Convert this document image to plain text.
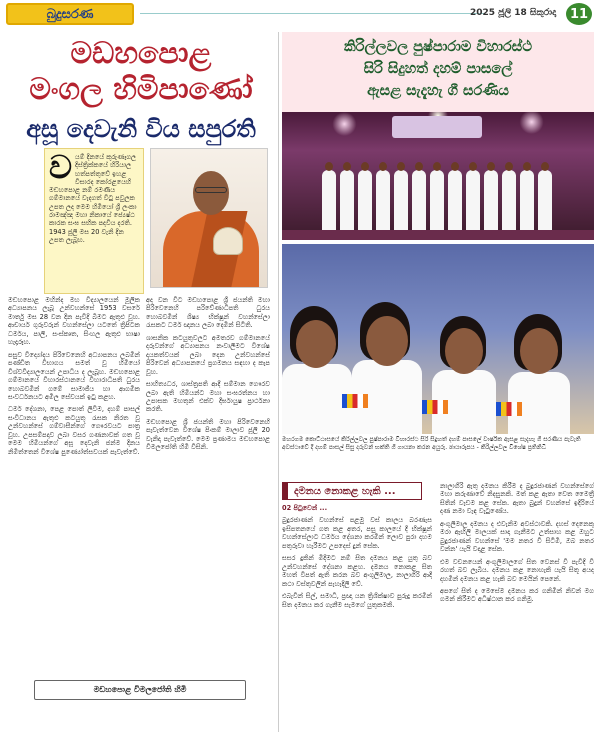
බුදුසරණ	2025 ජූලි 18 සිකුරාදා	11
මඩහපොළ
මංගල හිමිපාණෝ
අසූ දෙවැනි විය සපුරති
ව යම් දිනයේ කුරුණෑගල දිස්ත්‍රික්කයේ හිරියාල හත්පත්තුවේ ඉහළ විසාරද කෝරළයෙහි මඩහපොළ නම් රමණීය ගම්මානයේ වැදගත් විටු පවුලක උපත ලද මෙම හිමියෝ ශ්‍රී ලංකා රාමඤ්ඤ මහා නිකායේ ජ්‍යෙෂ්ඨ කාරක සංඝ සභික පදවිය දරති. 1943 ජූලි මස 20 වැනි දින උපත ලැබූහ.

මඩහපොළ මහින්ද මහ විද්‍යාලයෙන් මූලික අධ්‍යාපනය ලැබූ උන්වහන්සේ 1953 වසරේ මාර්තු මස 28 වන දින පැවිදි බිමට ඇතුළු වූහ. ආචාර්ය ගුරුවරුන් වහන්සේලා යටතේ ත්‍රිපිටක ධර්මය, පාලි, සංස්කෘත, සිංහල ඇතුළු භාෂා හැදෑරූහ.

පසුව විද්‍යෝදය පිරිවෙනෙහි අධ්‍යාපනය ලබමින් පණ්ඩිත විභාගය සමත් වූ හිමියෝ විශ්වවිද්‍යාලයෙන් උපාධිය ද ලැබූහ. මඩහපොළ ගම්මානයේ විහාරස්ථානයේ විහාරාධිපති ධුරය හොබවමින් ගමේ සාමාජීය හා ආගමික සංවර්ධනයට අමිල සේවයක් ඉටු කළහ.

ධර්ම දේශනා, පෙළ පොත් ලිවීම, දහම් පාසල් සංවිධානය ඇතුළු කටයුතු රැසක නිරත වූ උන්වහන්සේ ගම්වාසීන්ගේ ගෞරවයට පාත්‍ර වූහ. උපසම්පදාව ලබා වසර ගණනාවක් ගත වූ මෙම හිමියන්ගේ අසූ දෙවැනි ජන්ම දිනය නිමිත්තෙන් විශේෂ පුණ්‍යෝත්සවයක් පැවැත්වේ.

අද වන විට මඩහපොළ ශ්‍රී ජයන්ති මහා පිරිවෙනෙහි පරිවේණාධිපති ධුරය හොබවමින් ශිෂ්‍ය භික්ෂූන් වහන්සේලා රැසකට ධර්ම ඥානය ලබා දෙමින් සිටිති.

ශාසනික කටයුතුවලට අමතරව ගම්මානයේ දරුවන්ගේ අධ්‍යාපනය නංවාලීමට විශේෂ දායකත්වයක් ලබා දෙන උන්වහන්සේ පිරිවෙන් අධ්‍යාපනයේ ප්‍රගමනය සඳහා ද කැප වූහ.

සාහිත්‍යධර, ශාස්ත්‍රපති ආදී සම්මාන ගෞරව ලබා ඇති හිමියන්ට මහා සංඝරත්නය හා උපාසක මහතුන් එක්ව දීර්ඝායුෂ ප්‍රාර්ථනා කරති.

මඩහපොළ ශ්‍රී ජයන්ති මහා පිරිවෙනෙහි පැවැත්වෙන විශේෂ පිංකම් මාලාව ජූලි 20 වැනිදා පැවැත්වේ. මෙම ප්‍රණාමය මඩහපොළ විමලජෝති හිමි විසිනි.

මඩහපොළ විමලජෝති හිමි
කිරිල්ලවල පුෂ්පාරාම විහාරස්ථ
සිරි සිදුහත් දහම් පාසලේ
ඇසළ සැදැහැ ගී සරණිය
මහරගම කොට්ඨාසයේ කිරිල්ලවල පුෂ්පාරාම විහාරස්ථ සිරි සිදුහත් දහම් පාසලේ වාර්ෂික ඇසළ සැදැහැ ගී සරණිය පැවැති අවස්ථාවේ දී දහම් පාසල් සිසු දරුවන් භක්ති ගී ගායනා කරන අයුරු. ඡායාරූපය - කිරිල්ලවල විශේෂ ප්‍රතිනිධි
දමනය නොකළ හැකි ...

02 පිටුවෙන් ...

බුදුරජාණන් වහන්සේ පළමු වස් කාලය බරණැස ඉසිපතනයේ ගත කළ අතර, පසු කාලයේ දී භික්ෂූන් වහන්සේලාට ධර්මය දේශනා කරමින් ලොව පුරා දහම පතුරුවා හැරීමට උපදෙස් දුන් සේක.

සසර දුකින් මිදීමට නම් සිත දමනය කළ යුතු බව උන්වහන්සේ දේශනා කළහ. දමනය නොකළ සිත මහත් විපත් ඇති කරන බව අංගුලිමාල, නාලාගිරි ආදී කථා වස්තුවලින් පැහැදිලි වේ.

එබැවින් සිල්, සමාධි, ප්‍රඥා යන ත්‍රිශික්ෂාව පුරුදු කරමින් සිත දමනය කර ගැනීම සැමගේ යුතුකමකි.

නාලාගිරි ඇතු දමනය කිරීම ද බුදුරජාණන් වහන්සේගේ මහා කරුණාවේ නිදසුනකි. මත් කළ ඇතා වෙත මෛත්‍රී සිතින් වැඩම කළ සේක. ඇතා බුදුන් වහන්සේ ඉදිරියේ දණ නමා වැඳ වැටුණේය.

අංගුලිමාල දමනය ද එවැනිම අවස්ථාවකි. දහස් දෙනෙකු මරා ඇඟිලි මාලයක් සාදා ගැනීමට උත්සාහ කළ ඔහුට බුදුරජාණන් වහන්සේ 'මම නතර වී සිටිමි, ඔබ නතර වන්න' යැයි වදාළ සේක.

එම වචනයෙන් අංගුලිමාලගේ සිත වෙනස් වී පැවිදි වී රහත් බව ලැබීය. දමනය කළ නොහැකි යැයි සිතූ අයද දහමින් දමනය කළ හැකි බව මෙයින් පෙනේ.

අපගේ සිත් ද මෙසේම දමනය කර ගනිමින් නිවන් මග ගමන් කිරීමට අධිෂ්ඨාන කර ගනිමු.
